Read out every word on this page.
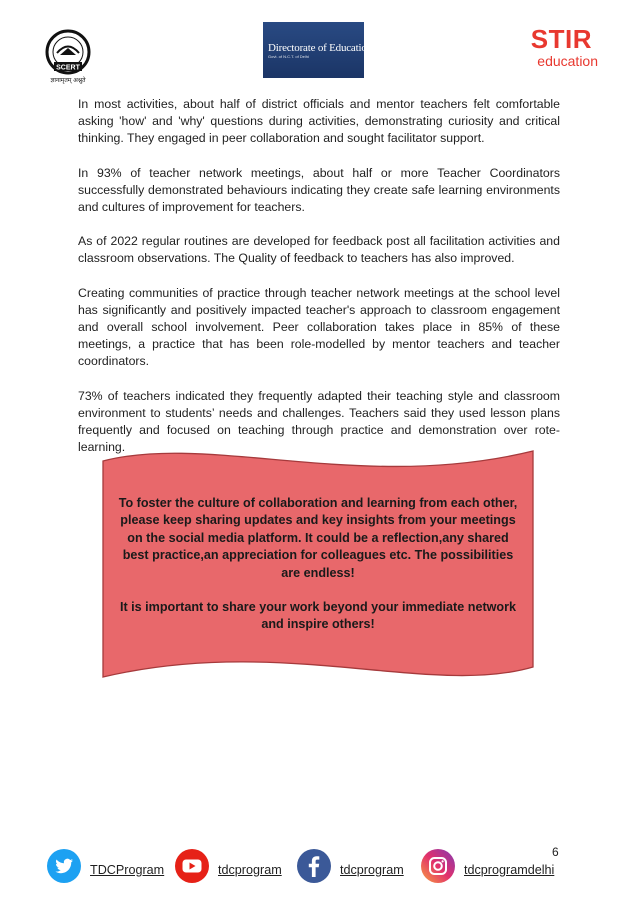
SCERT
ज्ञानामृतम् अश्नुते
Directorate of Education
Govt. of N.C.T. of Delhi
STIR
education

In most activities, about half of district officials and mentor teachers felt comfortable asking 'how' and 'why' questions during activities, demonstrating curiosity and critical thinking. They engaged in peer collaboration and sought facilitator support.

In 93% of teacher network meetings, about half or more Teacher Coordinators successfully demonstrated behaviours indicating they create safe learning environments and cultures of improvement for teachers.

As of 2022 regular routines are developed for feedback post all facilitation activities and classroom observations. The Quality of feedback to teachers has also improved.

Creating communities of practice through teacher network meetings at the school level has significantly and positively impacted teacher's approach to classroom engagement and overall school involvement. Peer collaboration takes place in 85% of these meetings, a practice that has been role-modelled by mentor teachers and teacher coordinators.

73% of teachers indicated they frequently adapted their teaching style and classroom environment to students’ needs and challenges. Teachers said they used lesson plans frequently and focused on teaching through practice and demonstration over rote-learning.

To foster the culture of collaboration and learning from each other, please keep sharing updates and key insights from your meetings on the social media platform. It could be a reflection,any shared best practice,an appreciation for colleagues etc. The possibilities are endless!

It is important to share your work beyond your immediate network and inspire others!

6
TDCProgram	tdcprogram	tdcprogram	tdcprogramdelhi
